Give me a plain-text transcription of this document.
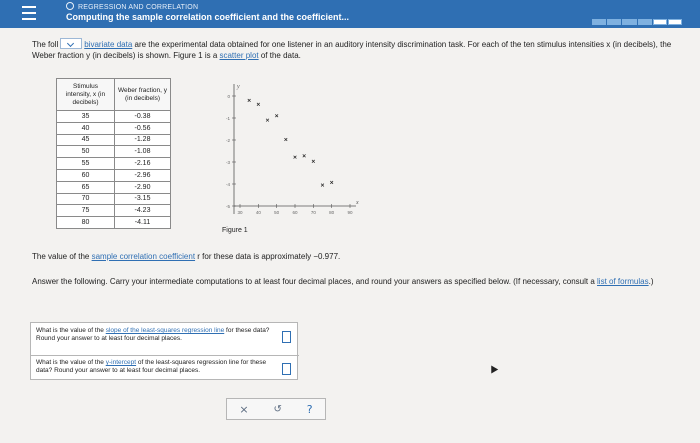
REGRESSION AND CORRELATION
Computing the sample correlation coefficient and the coefficient...

The foll	bivariate data are the experimental data obtained for one listener in an auditory intensity discrimination task. For each of the ten stimulus intensities x (in decibels), the Weber fraction y (in decibels) is shown. Figure 1 is a scatter plot of the data.

Stimulus intensity, x (in decibels)	Weber fraction, y (in decibels)
35	-0.38
40	-0.56
45	-1.28
50	-1.08
55	-2.16
60	-2.96
65	-2.90
70	-3.15
75	-4.23
80	-4.11
y
x
0
-1
-2
-3
-4
-5
30	40	50	60	70	80	90
Figure 1

The value of the sample correlation coefficient r for these data is approximately −0.977.

Answer the following. Carry your intermediate computations to at least four decimal places, and round your answers as specified below. (If necessary, consult a list of formulas.)

What is the value of the slope of the least-squares regression line for these data? Round your answer to at least four decimal places.
What is the value of the y-intercept of the least-squares regression line for these data? Round your answer to at least four decimal places.
× ↺ ?
